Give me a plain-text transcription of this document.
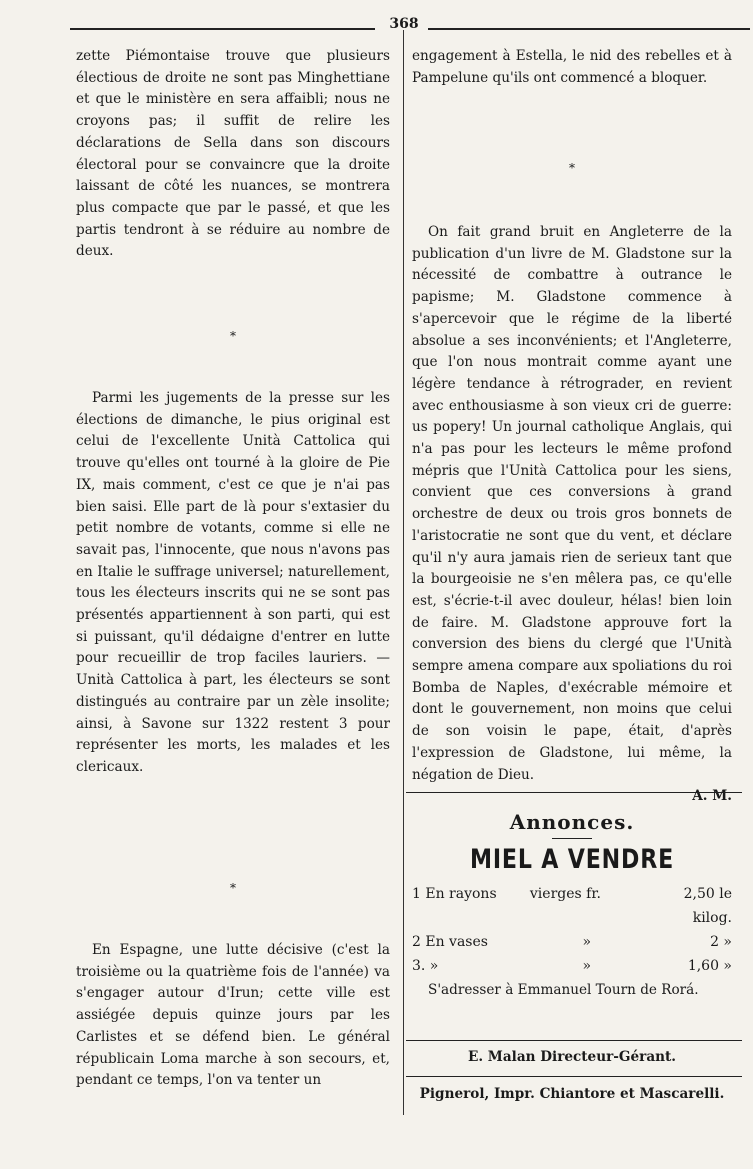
368

zette Piémontaise trouve que plusieurs électious de droite ne sont pas Minghettiane et que le ministère en sera affaibli; nous ne croyons pas; il suffit de relire les déclarations de Sella dans son discours électoral pour se convaincre que la droite laissant de côté les nuances, se montrera plus compacte que par le passé, et que les partis tendront à se réduire au nombre de deux.

*

Parmi les jugements de la presse sur les élections de dimanche, le pius original est celui de l'excellente Unità Cattolica qui trouve qu'elles ont tourné à la gloire de Pie IX, mais comment, c'est ce que je n'ai pas bien saisi. Elle part de là pour s'extasier du petit nombre de votants, comme si elle ne savait pas, l'innocente, que nous n'avons pas en Italie le suffrage universel; naturellement, tous les électeurs inscrits qui ne se sont pas présentés appartiennent à son parti, qui est si puissant, qu'il dédaigne d'entrer en lutte pour recueillir de trop faciles lauriers. — Unità Cattolica à part, les électeurs se sont distingués au contraire par un zèle insolite; ainsi, à Savone sur 1322 restent 3 pour représenter les morts, les malades et les clericaux.

*

En Espagne, une lutte décisive (c'est la troisième ou la quatrième fois de l'année) va s'engager autour d'Irun; cette ville est assiégée depuis quinze jours par les Carlistes et se défend bien. Le général républicain Loma marche à son secours, et, pendant ce temps, l'on va tenter un

engagement à Estella, le nid des rebelles et à Pampelune qu'ils ont commencé a bloquer.

*

On fait grand bruit en Angleterre de la publication d'un livre de M. Gladstone sur la nécessité de combattre à outrance le papisme; M. Gladstone commence à s'apercevoir que le régime de la liberté absolue a ses inconvénients; et l'Angleterre, que l'on nous montrait comme ayant une légère tendance à rétrograder, en revient avec enthousiasme à son vieux cri de guerre: us popery! Un journal catholique Anglais, qui n'a pas pour les lecteurs le même profond mépris que l'Unità Cattolica pour les siens, convient que ces conversions à grand orchestre de deux ou trois gros bonnets de l'aristocratie ne sont que du vent, et déclare qu'il n'y aura jamais rien de serieux tant que la bourgeoisie ne s'en mêlera pas, ce qu'elle est, s'écrie-t-il avec douleur, hélas! bien loin de faire. M. Gladstone approuve fort la conversion des biens du clergé que l'Unità sempre amena compare aux spoliations du roi Bomba de Naples, d'exécrable mémoire et dont le gouvernement, non moins que celui de son voisin le pape, était, d'après l'expression de Gladstone, lui même, la négation de Dieu.

A. M.
Annonces.
MIEL A VENDRE
1 En rayons	vierges fr.	2,50 le kilog.
2 En vases	»	2 »
3. »	»	1,60 »

S'adresser à Emmanuel Tourn de Rorá.

E. Malan Directeur-Gérant.
Pignerol, Impr. Chiantore et Mascarelli.
